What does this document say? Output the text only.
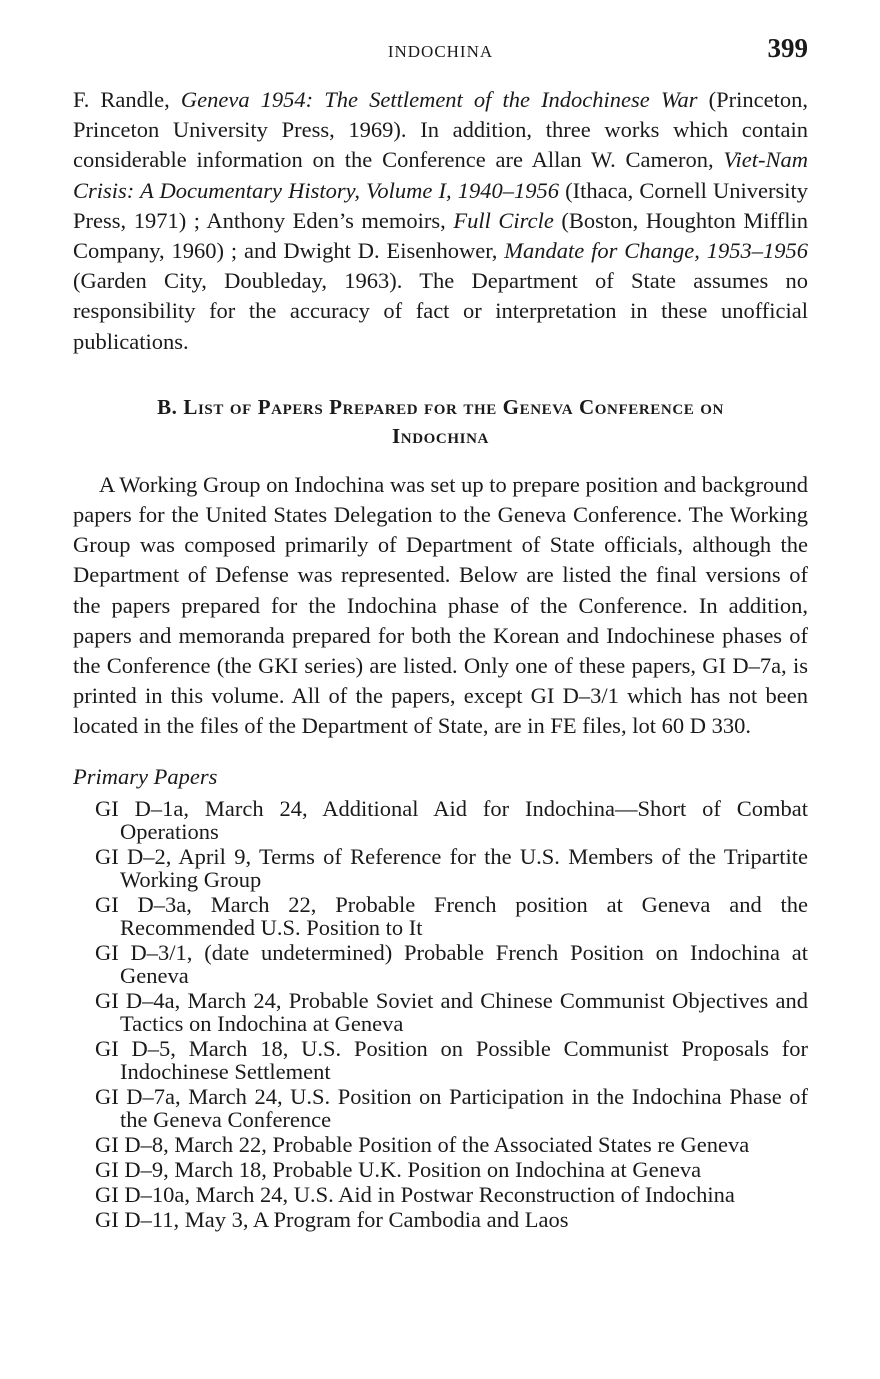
INDOCHINA	399

F. Randle, Geneva 1954: The Settlement of the Indochinese War (Princeton, Princeton University Press, 1969). In addition, three works which contain considerable information on the Conference are Allan W. Cameron, Viet-Nam Crisis: A Documentary History, Volume I, 1940–1956 (Ithaca, Cornell University Press, 1971) ; Anthony Eden’s memoirs, Full Circle (Boston, Houghton Mifflin Company, 1960) ; and Dwight D. Eisenhower, Mandate for Change, 1953–1956 (Garden City, Doubleday, 1963). The Department of State assumes no responsibility for the accuracy of fact or interpretation in these unofficial publications.

B. List of Papers Prepared for the Geneva Conference on
Indochina

A Working Group on Indochina was set up to prepare position and background papers for the United States Delegation to the Geneva Conference. The Working Group was composed primarily of Department of State officials, although the Department of Defense was represented. Below are listed the final versions of the papers prepared for the Indochina phase of the Conference. In addition, papers and memoranda prepared for both the Korean and Indochinese phases of the Conference (the GKI series) are listed. Only one of these papers, GI D–7a, is printed in this volume. All of the papers, except GI D–3/1 which has not been located in the files of the Department of State, are in FE files, lot 60 D 330.

Primary Papers
GI D–1a, March 24, Additional Aid for Indochina—Short of Combat Operations
GI D–2, April 9, Terms of Reference for the U.S. Members of the Tripartite Working Group
GI D–3a, March 22, Probable French position at Geneva and the Recommended U.S. Position to It
GI D–3/1, (date undetermined) Probable French Position on Indochina at Geneva
GI D–4a, March 24, Probable Soviet and Chinese Communist Objectives and Tactics on Indochina at Geneva
GI D–5, March 18, U.S. Position on Possible Communist Proposals for Indochinese Settlement
GI D–7a, March 24, U.S. Position on Participation in the Indochina Phase of the Geneva Conference
GI D–8, March 22, Probable Position of the Associated States re Geneva
GI D–9, March 18, Probable U.K. Position on Indochina at Geneva
GI D–10a, March 24, U.S. Aid in Postwar Reconstruction of Indochina
GI D–11, May 3, A Program for Cambodia and Laos
